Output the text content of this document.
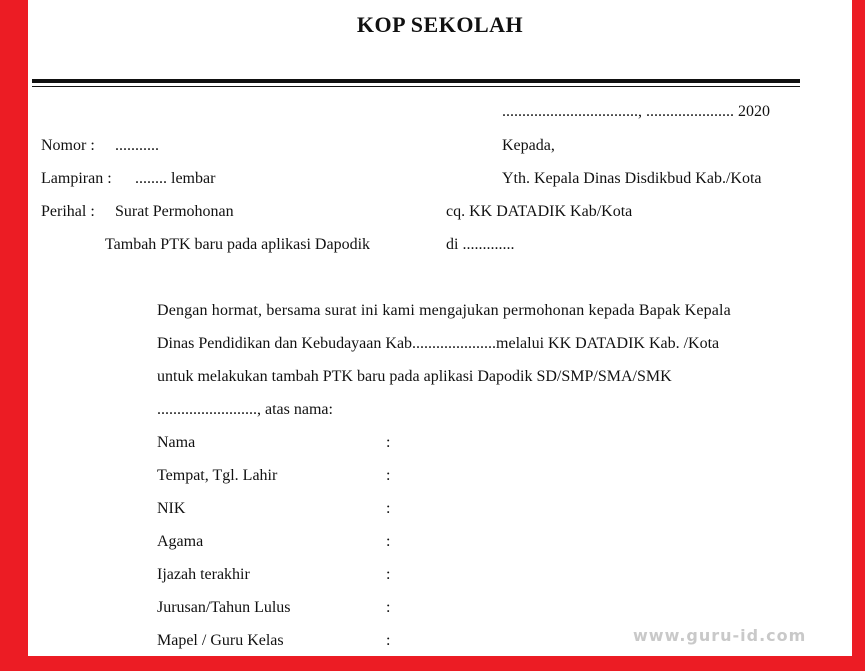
KOP SEKOLAH
.................................., ...................... 2020
Nomor : ...........
Lampiran : ........ lembar
Perihal : Surat Permohonan
Tambah PTK baru pada aplikasi Dapodik
Kepada,
Yth. Kepala Dinas Disdikbud Kab./Kota
cq. KK DATADIK Kab/Kota
di .............
Dengan hormat, bersama surat ini kami mengajukan permohonan kepada Bapak Kepala
Dinas Pendidikan dan Kebudayaan Kab.....................melalui KK DATADIK Kab. /Kota
untuk melakukan tambah PTK baru pada aplikasi Dapodik SD/SMP/SMA/SMK
........................., atas nama:
Nama	:
Tempat, Tgl. Lahir	:
NIK	:
Agama	:
Ijazah terakhir	:
Jurusan/Tahun Lulus	:
Mapel / Guru Kelas	:	www.guru-id.com
